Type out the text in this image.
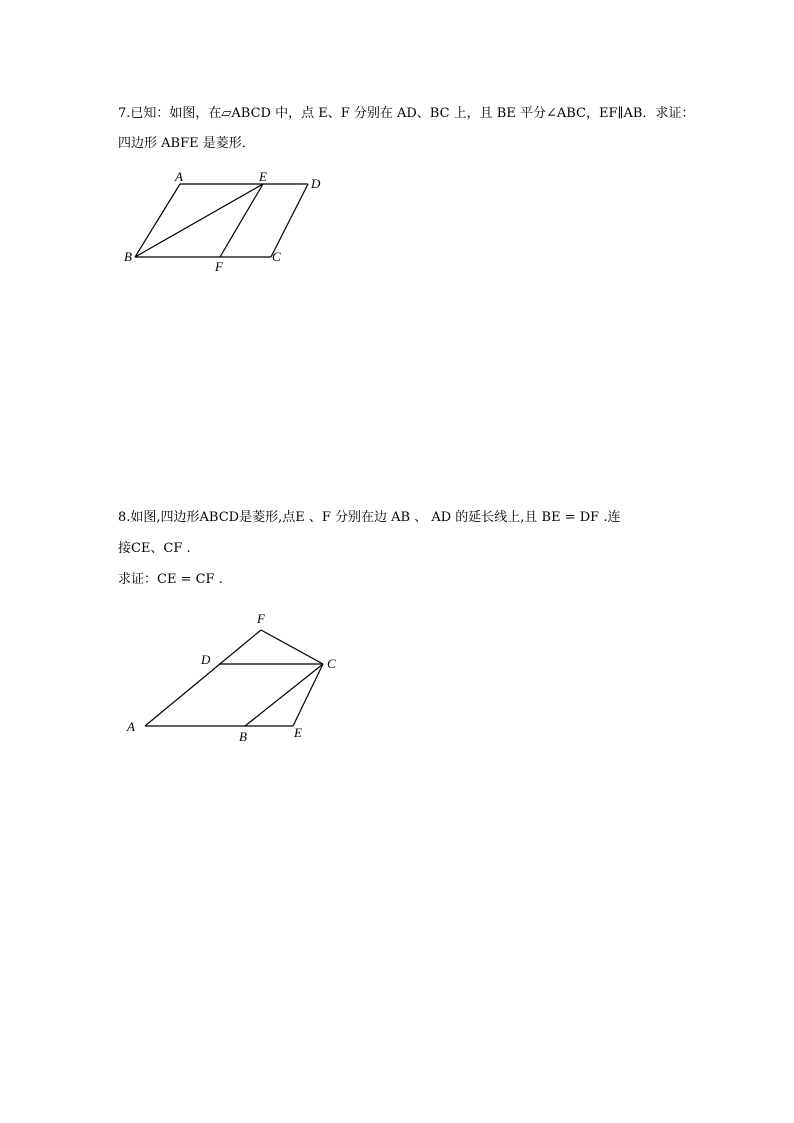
7.已知：如图，在▱ABCD 中，点 E、F 分别在 AD、BC 上，且 BE 平分∠ABC，EF∥AB．求证：
四边形 ABFE 是菱形．
A	E	D
B
F
C
8.如图,四边形ABCD是菱形,点E 、F 分别在边 AB 、 AD 的延长线上,且 BE = DF .连
接CE、CF .
求证：CE = CF .
F
D	C
A
B	E
